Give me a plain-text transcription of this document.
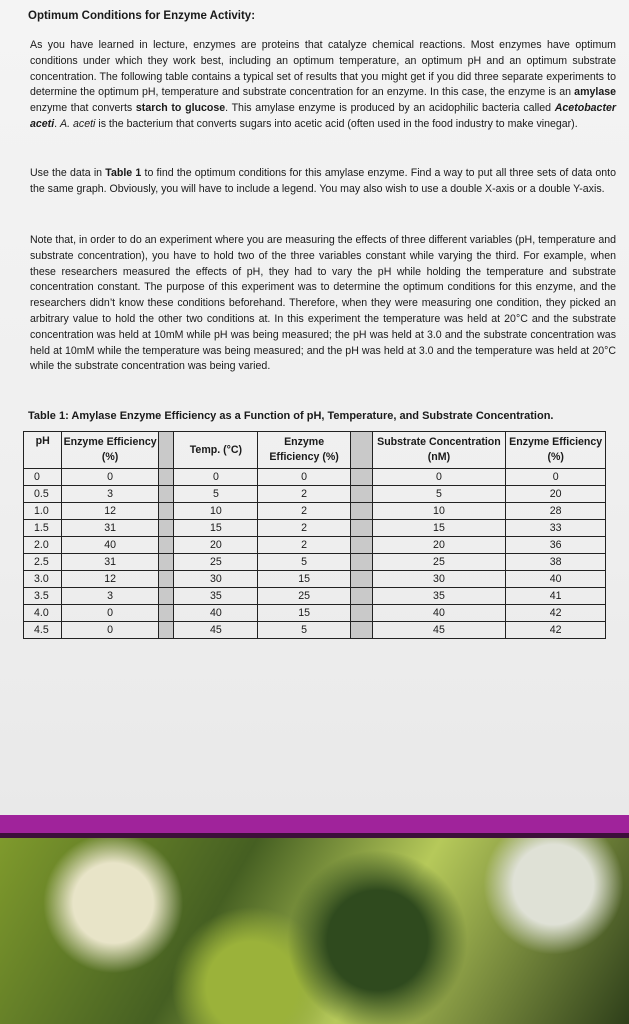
Optimum Conditions for Enzyme Activity:

As you have learned in lecture, enzymes are proteins that catalyze chemical reactions. Most enzymes have optimum conditions under which they work best, including an optimum temperature, an optimum pH and an optimum substrate concentration. The following table contains a typical set of results that you might get if you did three separate experiments to determine the optimum pH, temperature and substrate concentration for an enzyme. In this case, the enzyme is an amylase enzyme that converts starch to glucose. This amylase enzyme is produced by an acidophilic bacteria called Acetobacter aceti. A. aceti is the bacterium that converts sugars into acetic acid (often used in the food industry to make vinegar).

Use the data in Table 1 to find the optimum conditions for this amylase enzyme. Find a way to put all three sets of data onto the same graph. Obviously, you will have to include a legend. You may also wish to use a double X-axis or a double Y-axis.

Note that, in order to do an experiment where you are measuring the effects of three different variables (pH, temperature and substrate concentration), you have to hold two of the three variables constant while varying the third. For example, when these researchers measured the effects of pH, they had to vary the pH while holding the temperature and substrate concentration constant. The purpose of this experiment was to determine the optimum conditions for this enzyme, and the researchers didn’t know these conditions beforehand. Therefore, when they were measuring one condition, they picked an arbitrary value to hold the other two conditions at. In this experiment the temperature was held at 20°C and the substrate concentration was held at 10mM while pH was being measured; the pH was held at 3.0 and the substrate concentration was held at 10mM while the temperature was being measured; and the pH was held at 3.0 and the temperature was held at 20°C while the substrate concentration was being varied.

Table 1: Amylase Enzyme Efficiency as a Function of pH, Temperature, and Substrate Concentration.

pH	Enzyme Efficiency (%)		Temp. (°C)	Enzyme Efficiency (%)		Substrate Concentration (nM)	Enzyme Efficiency (%)
0	0		0	0		0	0
0.5	3		5	2		5	20
1.0	12		10	2		10	28
1.5	31		15	2		15	33
2.0	40		20	2		20	36
2.5	31		25	5		25	38
3.0	12		30	15		30	40
3.5	3		35	25		35	41
4.0	0		40	15		40	42
4.5	0		45	5		45	42
